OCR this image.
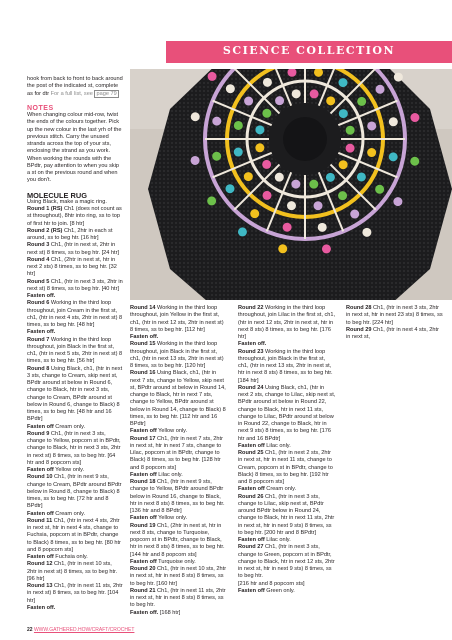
SCIENCE COLLECTION

hook from back to front to back around the post of the indicated st, complete as for dtr For a full list, see page 79

NOTES

When changing colour mid-row, twist the ends of the colours together. Pick up the new colour in the last yrh of the previous stitch. Carry the unused strands across the top of your sts, enclosing the strand as you work. When working the rounds with the BPdtr, pay attention to when you skip a st on the previous round and when you don't.

MOLECULE RUG

Using Black, make a magic ring.

Round 1 (RS) Ch1 (does not count as st throughout), 8htr into ring, ss to top of first htr to join. [8 htr]

Round 2 (RS) Ch1, 2htr in each st around, ss to beg htr. [16 htr]

Round 3 Ch1, (htr in next st, 2htr in next st) 8 times, ss to beg htr. [24 htr]

Round 4 Ch1, (2htr in next st, htr in next 2 sts) 8 times, ss to beg htr. [32 htr]

Round 5 Ch1, (htr in next 3 sts, 2htr in next st) 8 times, ss to beg htr. [40 htr]

Fasten off.

Round 6 Working in the third loop throughout, join Cream in the first st, ch1, (htr in next 4 sts, 2htr in next st) 8 times, ss to beg htr. [48 htr]

Fasten off.

Round 7 Working in the third loop throughout, join Black in the first st, ch1, (htr in next 5 sts, 2htr in next st) 8 times, ss to beg htr. [56 htr]

Round 8 Using Black, ch1, (htr in next 3 sts, change to Cream, skip next st, BPdtr around st below in Round 6, change to Black, htr in next 3 sts, change to Cream, BPdtr around st below in Round 6, change to Black) 8 times, ss to beg htr. [48 htr and 16 BPdtr]

Fasten off Cream only.

Round 9 Ch1, (htr in next 3 sts, change to Yellow, popcorn st in BPdtr, change to Black, htr in next 3 sts, 2htr in next st) 8 times, ss to beg htr. [64 htr and 8 popcorn sts]

Fasten off Yellow only.

Round 10 Ch1, (htr in next 9 sts, change to Cream, BPdtr around BPdtr below in Round 8, change to Black) 8 times, ss to beg htr. [72 htr and 8 BPdtr]

Fasten off Cream only.

Round 11 Ch1, (htr in next 4 sts, 2htr in next st, htr in next 4 sts, change to Fuchsia, popcorn st in BPdtr, change to Black) 8 times, ss to beg htr. [80 htr and 8 popcorn sts]

Fasten off Fuchsia only.

Round 12 Ch1, (htr in next 10 sts, 2htr in next st) 8 times, ss to beg htr. [96 htr]

Round 13 Ch1, (htr in next 11 sts, 2htr in next st) 8 times, ss to beg htr. [104 htr]

Fasten off.

Round 14 Working in the third loop throughout, join Yellow in the first st, ch1, (htr in next 12 sts, 2htr in next st) 8 times, ss to beg htr. [112 htr]

Fasten off.

Round 15 Working in the third loop throughout, join Black in the first st, ch1, (htr in next 13 sts, 2htr in next st) 8 times, ss to beg htr. [120 htr]

Round 16 Using Black, ch1, (htr in next 7 sts, change to Yellow, skip next st, BPdtr around st below in Round 14, change to Black, htr in next 7 sts, change to Yellow, BPdtr around st below in Round 14, change to Black) 8 times, ss to beg htr. [112 htr and 16 BPdtr]

Fasten off Yellow only.

Round 17 Ch1, (htr in next 7 sts, 2htr in next st, htr in next 7 sts, change to Lilac, popcorn st in BPdtr, change to Black) 8 times, ss to beg htr. [128 htr and 8 popcorn sts]

Fasten off Lilac only.

Round 18 Ch1, (htr in next 9 sts, change to Yellow, BPdtr around BPdtr below in Round 16, change to Black, htr in next 8 sts) 8 times, ss to beg htr. [136 htr and 8 BPdtr]

Fasten off Yellow only.

Round 19 Ch1, (2htr in next st, htr in next 8 sts, change to Turquoise, popcorn st in BPdtr, change to Black, htr in next 8 sts) 8 times, ss to beg htr. [144 htr and 8 popcorn sts]

Fasten off Turquoise only.

Round 20 Ch1, (htr in next 10 sts, 2htr in next st, htr in next 8 sts) 8 times, ss to beg htr. [160 htr]

Round 21 Ch1, (htr in next 11 sts, 2htr in next st, htr in next 8 sts) 8 times, ss to beg htr.

Fasten off. [168 htr]

Round 22 Working in the third loop throughout, join Lilac in the first st, ch1, (htr in next 12 sts, 2htr in next st, htr in next 8 sts) 8 times, ss to beg htr. [176 htr]

Fasten off.

Round 23 Working in the third loop throughout, join Black in the first st, ch1, (htr in next 13 sts, 2htr in next st, htr in next 8 sts) 8 times, ss to beg htr. [184 htr]

Round 24 Using Black, ch1, (htr in next 2 sts, change to Lilac, skip next st, BPdtr around st below in Round 22, change to Black, htr in next 11 sts, change to Lilac, BPdtr around st below in Round 22, change to Black, htr in next 9 sts) 8 times, ss to beg htr. [176 htr and 16 BPdtr]

Fasten off Lilac only.

Round 25 Ch1, (htr in next 2 sts, 2htr in next st, htr in next 11 sts, change to Cream, popcorn st in BPdtr, change to Black) 8 times, ss to beg htr. [192 htr and 8 popcorn sts]

Fasten off Cream only.

Round 26 Ch1, (htr in next 3 sts, change to Lilac, skip next st, BPdtr around BPdtr below in Round 24, change to Black, htr in next 11 sts, 2htr in next st, htr in next 9 sts) 8 times, ss to beg htr. [200 htr and 8 BPdtr]

Fasten off Lilac only.

Round 27 Ch1, (htr in next 3 sts, change to Green, popcorn st in BPdtr, change to Black, htr in next 12 sts, 2htr in next st, htr in next 9 sts) 8 times, ss to beg htr.

[216 htr and 8 popcorn sts]

Fasten off Green only.

Round 28 Ch1, (htr in next 3 sts, 2htr in next st, htr in next 23 sts) 8 times, ss to beg htr. [224 htr]

Round 29 Ch1, (htr in next 4 sts, 2htr in next st,

22 WWW.GATHERED.HOW/CRAFT/CROCHET
